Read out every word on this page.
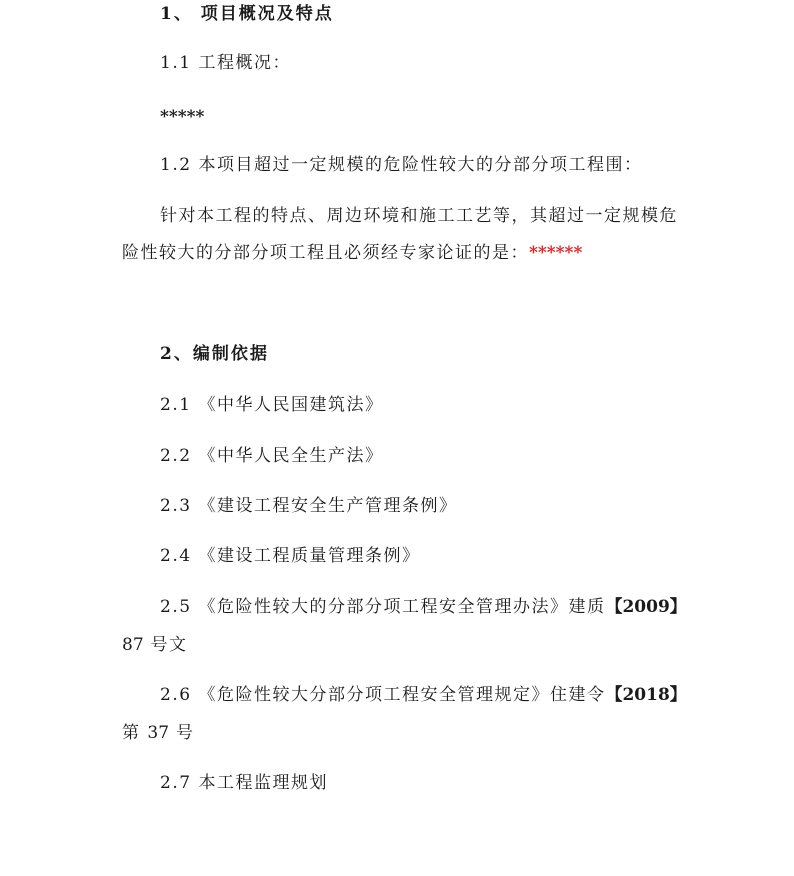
1、 项目概况及特点
1.1 工程概况：
*****
1.2 本项目超过一定规模的危险性较大的分部分项工程围：
针对本工程的特点、周边环境和施工工艺等，其超过一定规模危
险性较大的分部分项工程且必须经专家论证的是：******
2、编制依据
2.1 《中华人民国建筑法》
2.2 《中华人民全生产法》
2.3 《建设工程安全生产管理条例》
2.4 《建设工程质量管理条例》
2.5 《危险性较大的分部分项工程安全管理办法》建质【2009】
87 号文
2.6 《危险性较大分部分项工程安全管理规定》住建令【2018】
第 37 号
2.7 本工程监理规划
